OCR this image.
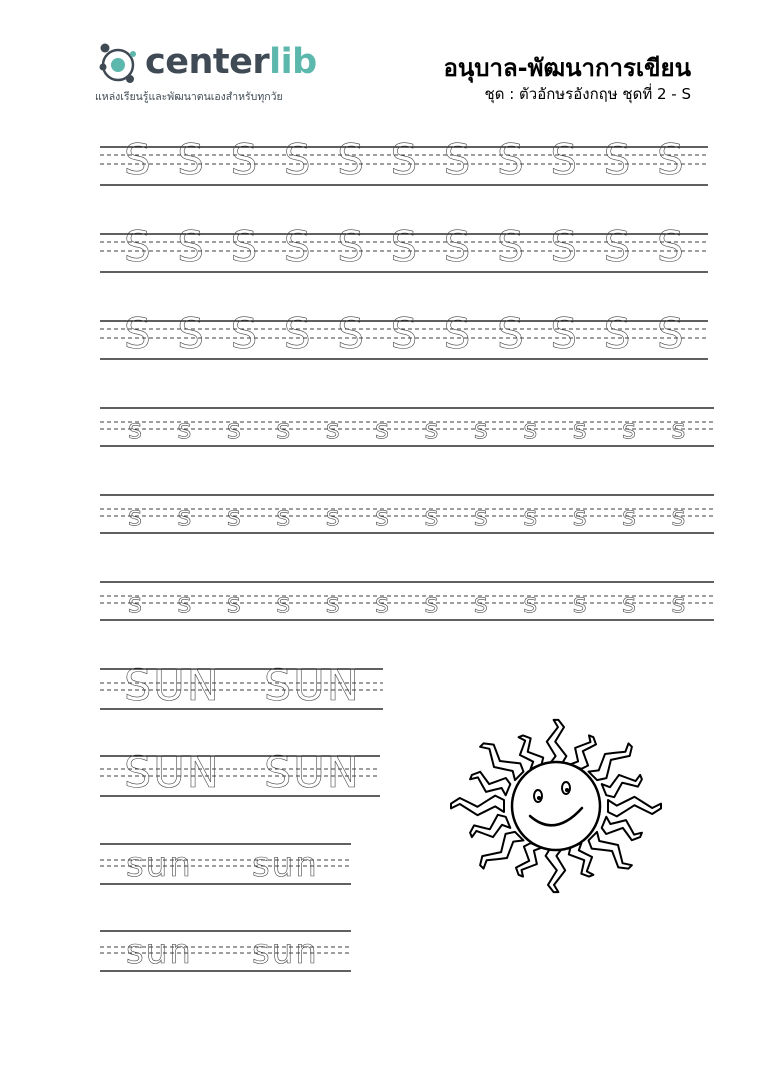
centerlib
แหล่งเรียนรู้และพัฒนาตนเองสำหรับทุกวัย
อนุบาล-พัฒนาการเขียน
ชุด : ตัวอักษรอังกฤษ ชุดที่ 2 - S
S S S S S S S S S S S
S S S S S S S S S S S
S S S S S S S S S S S
s s s s s s s s s s s s
s s s s s s s s s s s s
s s s s s s s s s s s s
SUN SUN
SUN SUN
sun sun
sun sun
